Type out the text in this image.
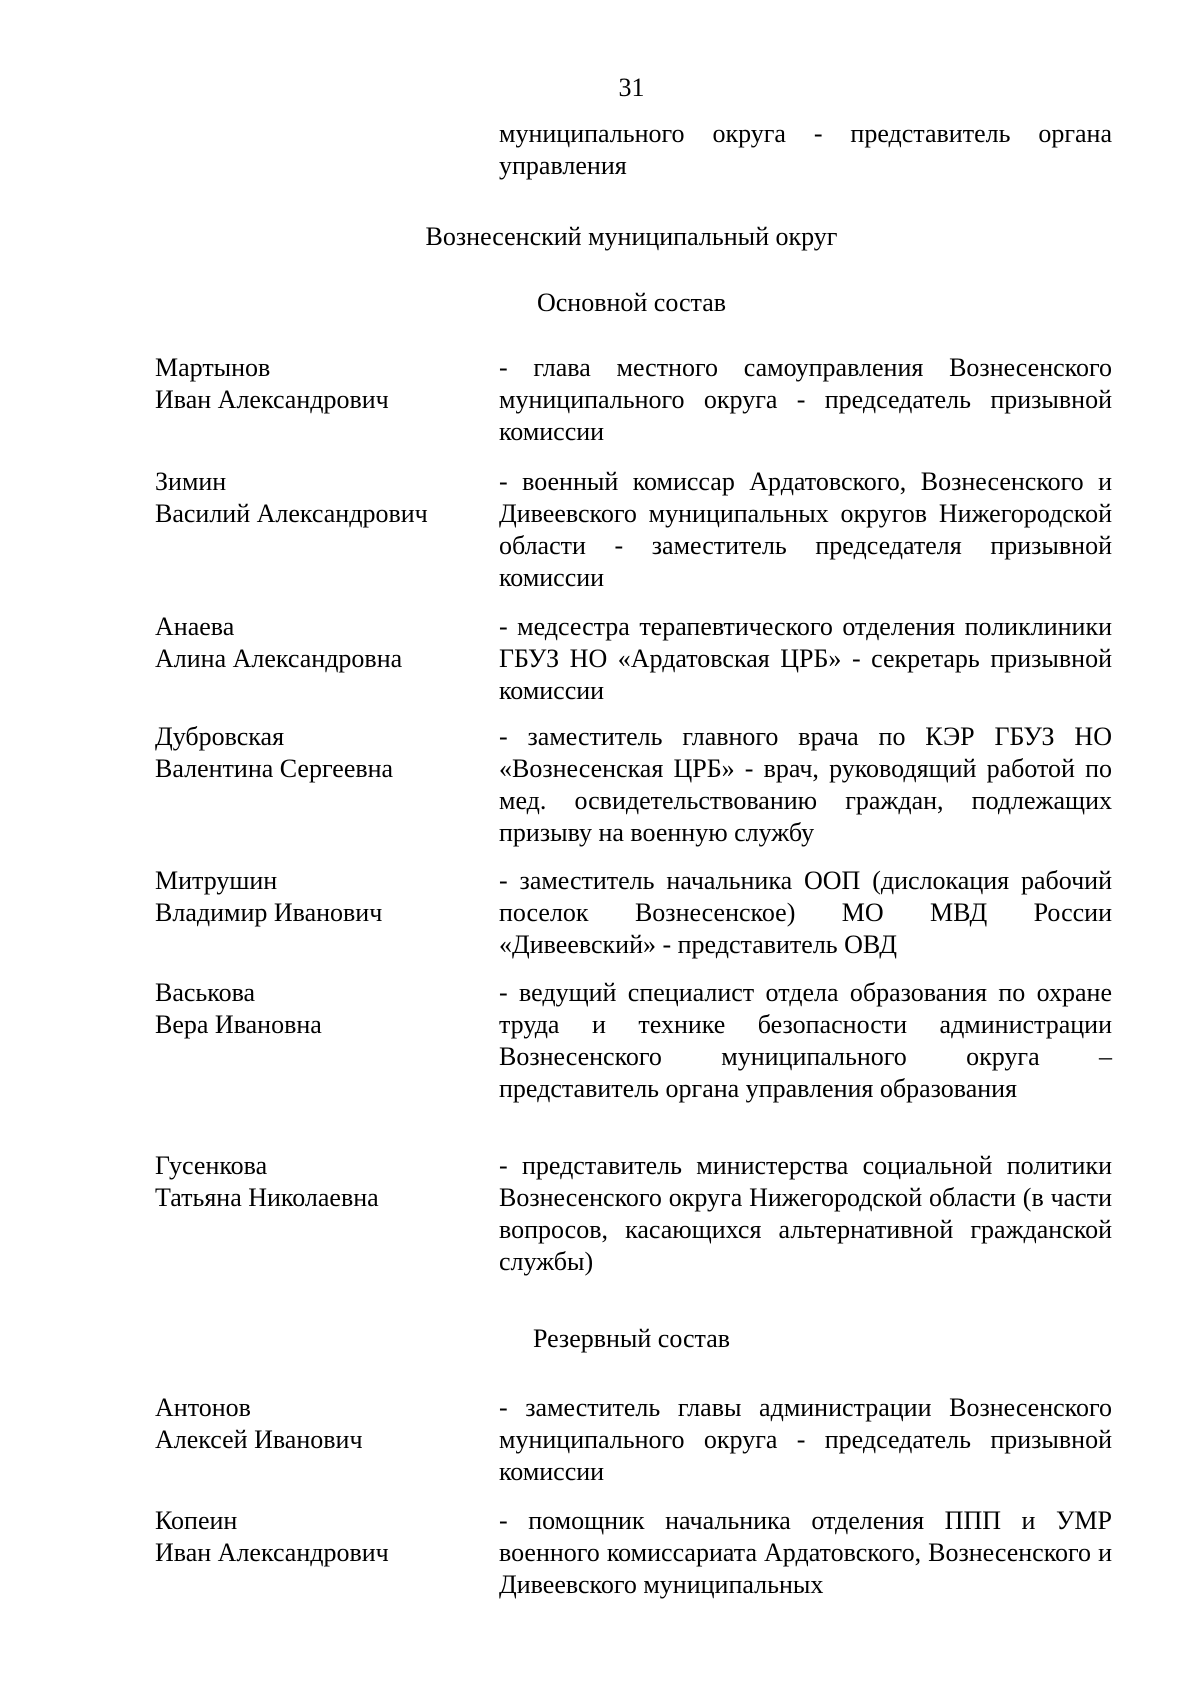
31
муниципального округа - представитель органа управления
Вознесенский муниципальный округ
Основной состав
Мартынов
Иван Александрович
- глава местного самоуправления Вознесенского муниципального округа - председатель призывной комиссии
Зимин
Василий Александрович
- военный комиссар Ардатовского, Вознесенского и Дивеевского муниципальных округов Нижегородской области - заместитель председателя призывной комиссии
Анаева
Алина Александровна
- медсестра терапевтического отделения поликлиники ГБУЗ НО «Ардатовская ЦРБ» - секретарь призывной комиссии
Дубровская
Валентина Сергеевна
- заместитель главного врача по КЭР ГБУЗ НО «Вознесенская ЦРБ» - врач, руководящий работой по мед. освидетельствованию граждан, подлежащих призыву на военную службу
Митрушин
Владимир Иванович
- заместитель начальника ООП (дислокация рабочий поселок Вознесенское) МО МВД России «Дивеевский» - представитель ОВД
Васькова
Вера Ивановна
- ведущий специалист отдела образования по охране труда и технике безопасности администрации Вознесенского муниципального округа – представитель органа управления образования
Гусенкова
Татьяна Николаевна
- представитель министерства социальной политики Вознесенского округа Нижегородской области (в части вопросов, касающихся альтернативной гражданской службы)
Резервный состав
Антонов
Алексей Иванович
- заместитель главы администрации Вознесенского муниципального округа - председатель призывной комиссии
Копеин
Иван Александрович
- помощник начальника отделения ППП и УМР военного комиссариата Ардатовского, Вознесенского и Дивеевского муниципальных
